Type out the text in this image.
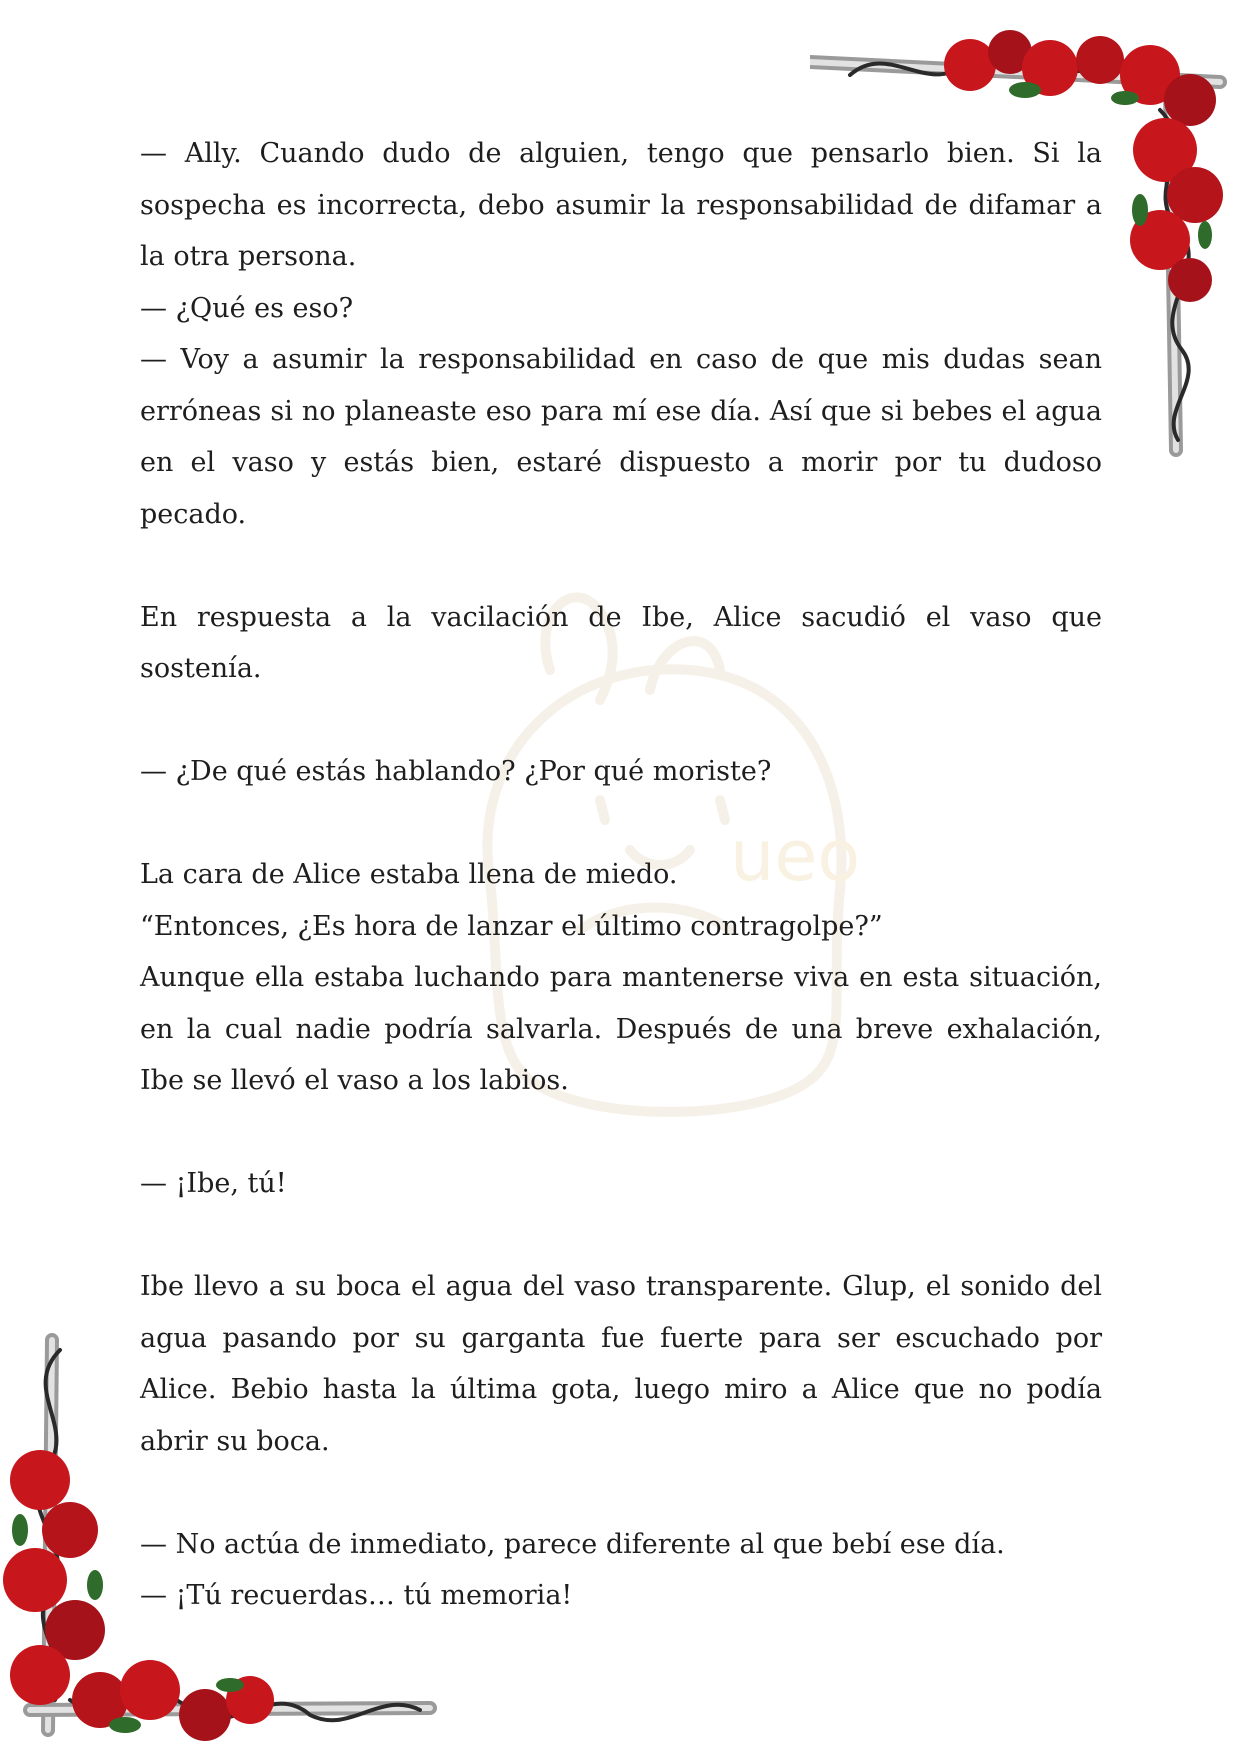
ueo

— Ally. Cuando dudo de alguien, tengo que pensarlo bien. Si la sospecha es incorrecta, debo asumir la responsabilidad de difamar a la otra persona.

— ¿Qué es eso?

— Voy a asumir la responsabilidad en caso de que mis dudas sean erróneas si no planeaste eso para mí ese día. Así que si bebes el agua en el vaso y estás bien, estaré dispuesto a morir por tu dudoso pecado.

En respuesta a la vacilación de Ibe, Alice sacudió el vaso que sostenía.

— ¿De qué estás hablando? ¿Por qué moriste?

La cara de Alice estaba llena de miedo.

“Entonces, ¿Es hora de lanzar el último contragolpe?”

Aunque ella estaba luchando para mantenerse viva en esta situación, en la cual nadie podría salvarla. Después de una breve exhalación, Ibe se llevó el vaso a los labios.

— ¡Ibe, tú!

Ibe llevo a su boca el agua del vaso transparente. Glup, el sonido del agua pasando por su garganta fue fuerte para ser escuchado por Alice. Bebio hasta la última gota, luego miro a Alice que no podía abrir su boca.

— No actúa de inmediato, parece diferente al que bebí ese día.

— ¡Tú recuerdas… tú memoria!
